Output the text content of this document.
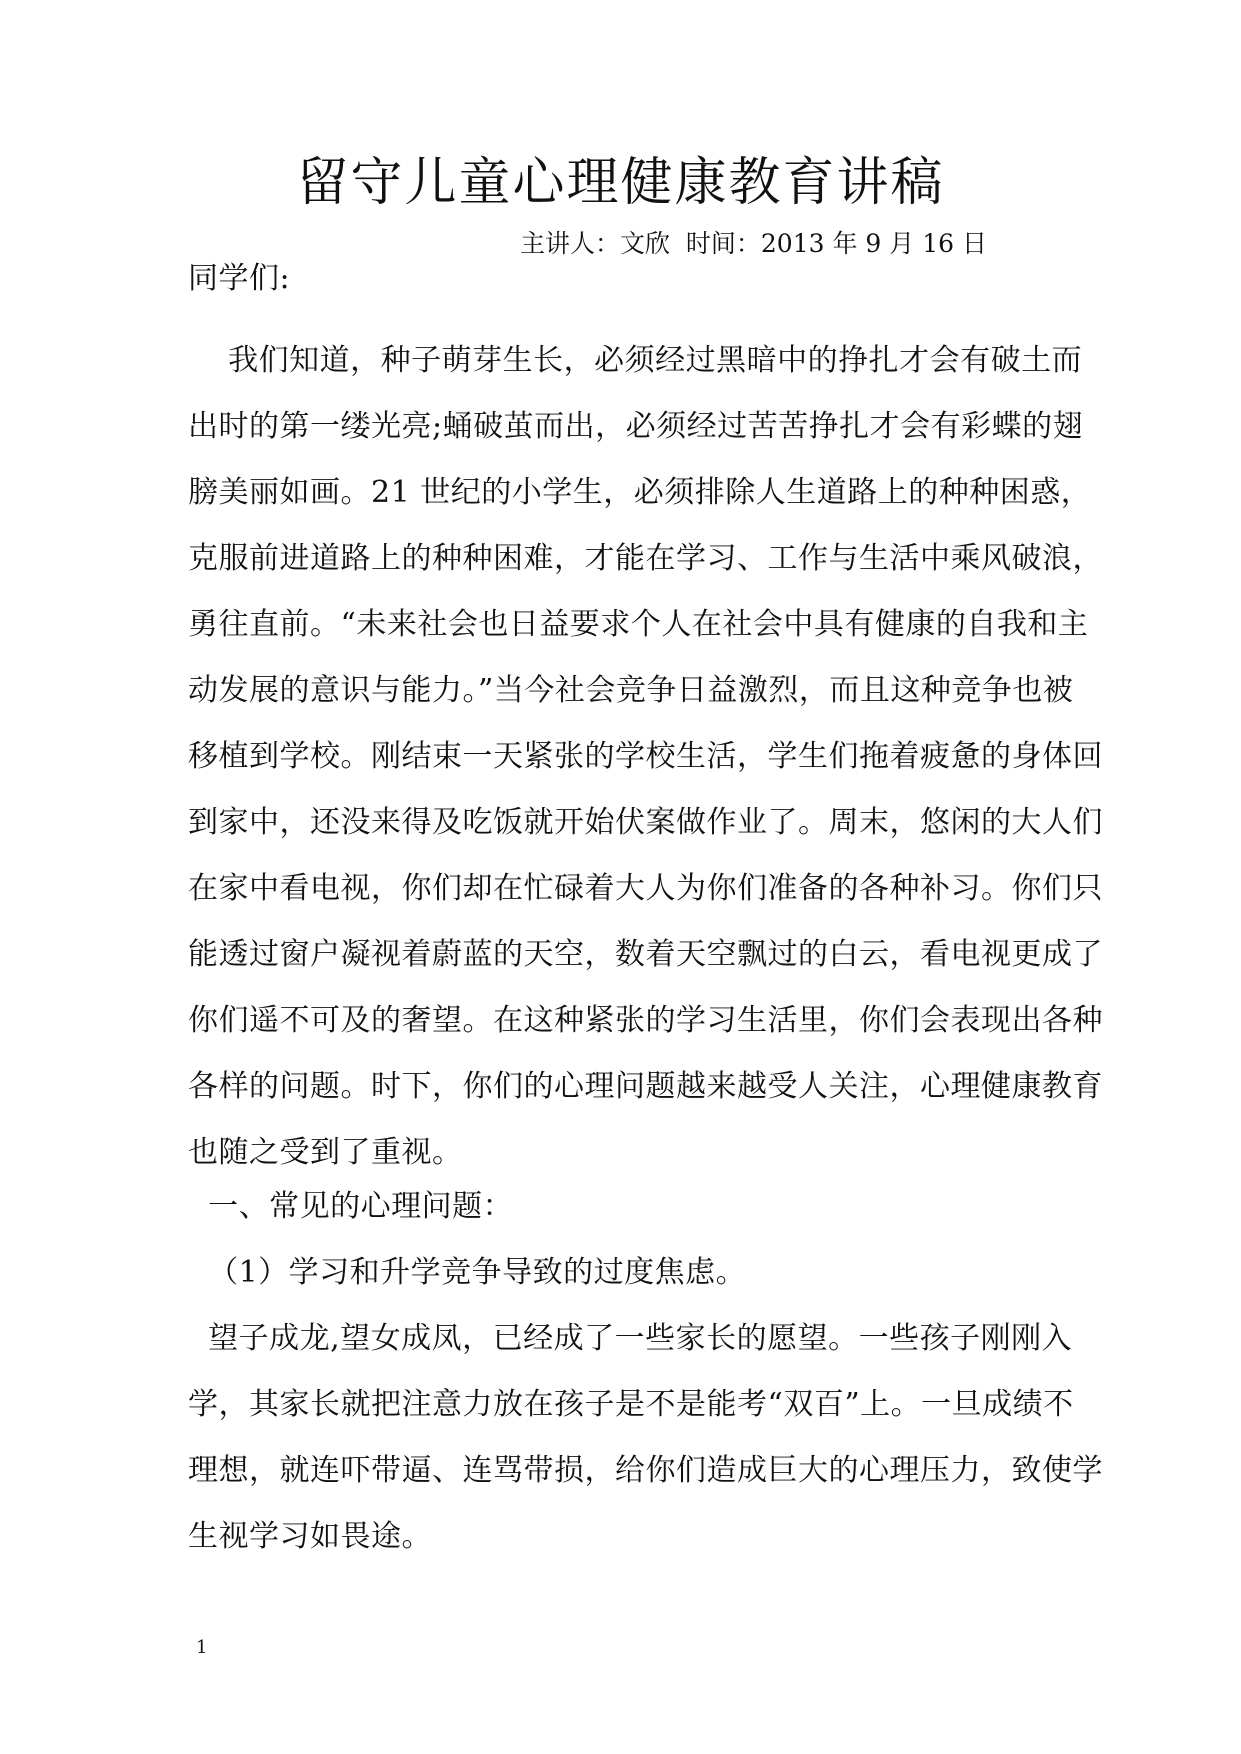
留守儿童心理健康教育讲稿
主讲人：文欣  时间：2013 年 9 月 16 日
同学们:
我们知道，种子萌芽生长，必须经过黑暗中的挣扎才会有破土而
出时的第一缕光亮;蛹破茧而出，必须经过苦苦挣扎才会有彩蝶的翅
膀美丽如画。21 世纪的小学生，必须排除人生道路上的种种困惑，
克服前进道路上的种种困难，才能在学习、工作与生活中乘风破浪，
勇往直前。“未来社会也日益要求个人在社会中具有健康的自我和主
动发展的意识与能力。”当今社会竞争日益激烈，而且这种竞争也被
移植到学校。刚结束一天紧张的学校生活，学生们拖着疲惫的身体回
到家中，还没来得及吃饭就开始伏案做作业了。周末，悠闲的大人们
在家中看电视，你们却在忙碌着大人为你们准备的各种补习。你们只
能透过窗户凝视着蔚蓝的天空，数着天空飘过的白云，看电视更成了
你们遥不可及的奢望。在这种紧张的学习生活里，你们会表现出各种
各样的问题。时下，你们的心理问题越来越受人关注，心理健康教育
也随之受到了重视。
一、常见的心理问题：
（1）学习和升学竞争导致的过度焦虑。
望子成龙,望女成凤，已经成了一些家长的愿望。一些孩子刚刚入
学，其家长就把注意力放在孩子是不是能考“双百”上。一旦成绩不
理想，就连吓带逼、连骂带损，给你们造成巨大的心理压力，致使学
生视学习如畏途。
1
